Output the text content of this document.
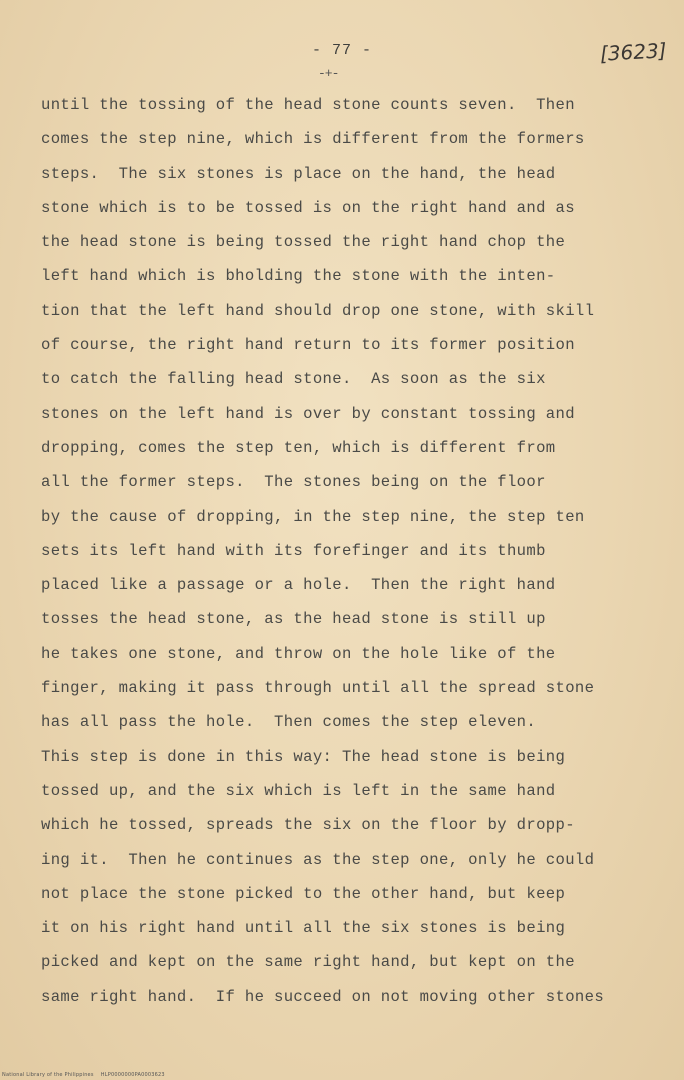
- 77 -	[3623]
-+-
until the tossing of the head stone counts seven.  Then
comes the step nine, which is different from the formers
steps.  The six stones is place on the hand, the head
stone which is to be tossed is on the right hand and as
the head stone is being tossed the right hand chop the
left hand which is bholding the stone with the inten-
tion that the left hand should drop one stone, with skill
of course, the right hand return to its former position
to catch the falling head stone.  As soon as the six
stones on the left hand is over by constant tossing and
dropping, comes the step ten, which is different from
all the former steps.  The stones being on the floor
by the cause of dropping, in the step nine, the step ten
sets its left hand with its forefinger and its thumb
placed like a passage or a hole.  Then the right hand
tosses the head stone, as the head stone is still up
he takes one stone, and throw on the hole like of the
finger, making it pass through until all the spread stone
has all pass the hole.  Then comes the step eleven.
This step is done in this way: The head stone is being
tossed up, and the six which is left in the same hand
which he tossed, spreads the six on the floor by dropp-
ing it.  Then he continues as the step one, only he could
not place the stone picked to the other hand, but keep
it on his right hand until all the six stones is being
picked and kept on the same right hand, but kept on the
same right hand.  If he succeed on not moving other stones
National Library of the Philippines    HLP0000000PA0003623
